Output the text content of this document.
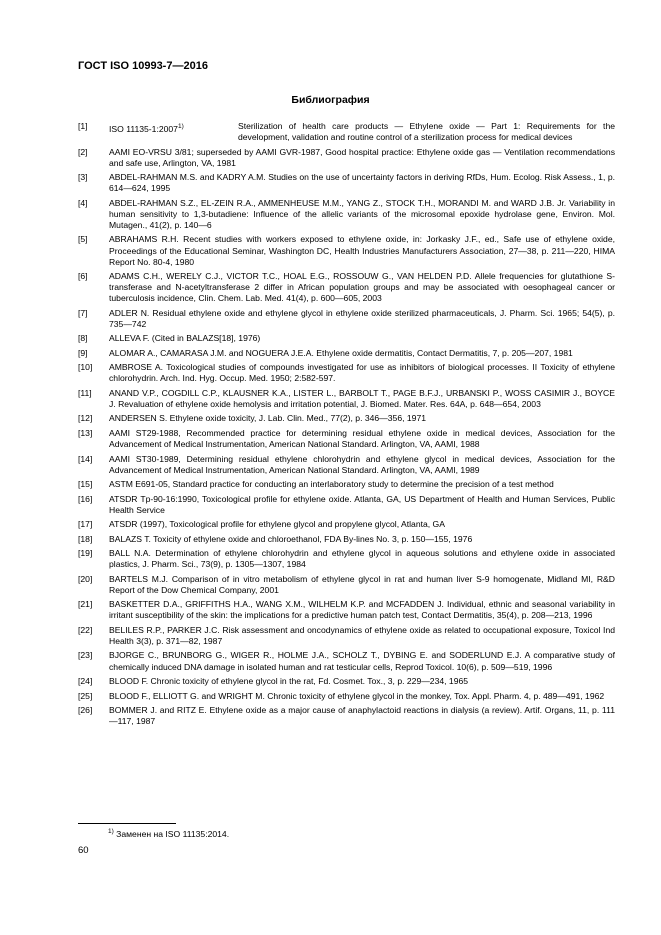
ГОСТ ISO 10993-7—2016
Библиография
[1] ISO 11135-1:2007$^{1)}$	Sterilization of health care products — Ethylene oxide — Part 1: Requirements for the development, validation and routine control of a sterilization process for medical devices
[2] AAMI EO-VRSU 3/81; superseded by AAMI GVR-1987, Good hospital practice: Ethylene oxide gas — Ventilation recommendations and safe use, Arlington, VA, 1981
[3] ABDEL-RAHMAN M.S. and KADRY A.M. Studies on the use of uncertainty factors in deriving RfDs, Hum. Ecolog. Risk Assess., 1, p. 614—624, 1995
[4] ABDEL-RAHMAN S.Z., EL-ZEIN R.A., AMMENHEUSE M.M., YANG Z., STOCK T.H., MORANDI M. and WARD J.B. Jr. Variability in human sensitivity to 1,3-butadiene: Influence of the allelic variants of the microsomal epoxide hydrolase gene, Environ. Mol. Mutagen., 41(2), p. 140—6
[5] ABRAHAMS R.H. Recent studies with workers exposed to ethylene oxide, in: Jorkasky J.F., ed., Safe use of ethylene oxide, Proceedings of the Educational Seminar, Washington DC, Health Industries Manufacturers Association, 27—38, p. 211—220, HIMA Report No. 80-4, 1980
[6] ADAMS C.H., WERELY C.J., VICTOR T.C., HOAL E.G., ROSSOUW G., VAN HELDEN P.D. Allele frequencies for glutathione S-transferase and N-acetyltransferase 2 differ in African population groups and may be associated with oesophageal cancer or tuberculosis incidence, Clin. Chem. Lab. Med. 41(4), p. 600—605, 2003
[7] ADLER N. Residual ethylene oxide and ethylene glycol in ethylene oxide sterilized pharmaceuticals, J. Pharm. Sci. 1965; 54(5), p. 735—742
[8] ALLEVA F. (Cited in BALAZS[18], 1976)
[9] ALOMAR A., CAMARASA J.M. and NOGUERA J.E.A. Ethylene oxide dermatitis, Contact Dermatitis, 7, p. 205—207, 1981
[10] AMBROSE A. Toxicological studies of compounds investigated for use as inhibitors of biological processes. II Toxicity of ethylene chlorohydrin. Arch. Ind. Hyg. Occup. Med. 1950; 2:582-597.
[11] ANAND V.P., COGDILL C.P., KLAUSNER K.A., LISTER L., BARBOLT T., PAGE B.F.J., URBANSKI P., WOSS CASIMIR J., BOYCE J. Revaluation of ethylene oxide hemolysis and irritation potential, J. Biomed. Mater. Res. 64A, p. 648—654, 2003
[12] ANDERSEN S. Ethylene oxide toxicity, J. Lab. Clin. Med., 77(2), p. 346—356, 1971
[13] AAMI ST29-1988, Recommended practice for determining residual ethylene oxide in medical devices, Association for the Advancement of Medical Instrumentation, American National Standard. Arlington, VA, AAMI, 1988
[14] AAMI ST30-1989, Determining residual ethylene chlorohydrin and ethylene glycol in medical devices, Association for the Advancement of Medical Instrumentation, American National Standard. Arlington, VA, AAMI, 1989
[15] ASTM E691-05, Standard practice for conducting an interlaboratory study to determine the precision of a test method
[16] ATSDR Tp-90-16:1990, Toxicological profile for ethylene oxide. Atlanta, GA, US Department of Health and Human Services, Public Health Service
[17] ATSDR (1997), Toxicological profile for ethylene glycol and propylene glycol, Atlanta, GA
[18] BALAZS T. Toxicity of ethylene oxide and chloroethanol, FDA By-lines No. 3, p. 150—155, 1976
[19] BALL N.A. Determination of ethylene chlorohydrin and ethylene glycol in aqueous solutions and ethylene oxide in associated plastics, J. Pharm. Sci., 73(9), p. 1305—1307, 1984
[20] BARTELS M.J. Comparison of in vitro metabolism of ethylene glycol in rat and human liver S-9 homogenate, Midland MI, R&D Report of the Dow Chemical Company, 2001
[21] BASKETTER D.A., GRIFFITHS H.A., WANG X.M., WILHELM K.P. and MCFADDEN J. Individual, ethnic and seasonal variability in irritant susceptibility of the skin: the implications for a predictive human patch test, Contact Dermatitis, 35(4), p. 208—213, 1996
[22] BELILES R.P., PARKER J.C. Risk assessment and oncodynamics of ethylene oxide as related to occupational exposure, Toxicol Ind Health 3(3), p. 371—82, 1987
[23] BJORGE C., BRUNBORG G., WIGER R., HOLME J.A., SCHOLZ T., DYBING E. and SODERLUND E.J. A comparative study of chemically induced DNA damage in isolated human and rat testicular cells, Reprod Toxicol. 10(6), p. 509—519, 1996
[24] BLOOD F. Chronic toxicity of ethylene glycol in the rat, Fd. Cosmet. Tox., 3, p. 229—234, 1965
[25] BLOOD F., ELLIOTT G. and WRIGHT M. Chronic toxicity of ethylene glycol in the monkey, Tox. Appl. Pharm. 4, p. 489—491, 1962
[26] BOMMER J. and RITZ E. Ethylene oxide as a major cause of anaphylactoid reactions in dialysis (a review). Artif. Organs, 11, p. 111—117, 1987
$^{1)}$ Заменен на ISO 11135:2014.
60
